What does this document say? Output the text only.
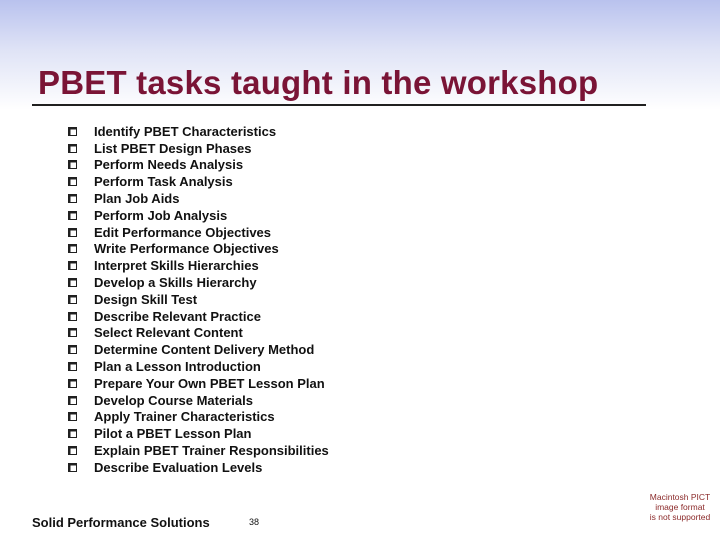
PBET tasks taught in the workshop
Identify PBET Characteristics
List PBET Design Phases
Perform Needs Analysis
Perform Task Analysis
Plan Job Aids
Perform Job Analysis
Edit Performance Objectives
Write Performance Objectives
Interpret Skills Hierarchies
Develop a Skills Hierarchy
Design Skill Test
Describe Relevant Practice
Select Relevant Content
Determine Content Delivery Method
Plan a Lesson Introduction
Prepare Your Own PBET Lesson Plan
Develop Course Materials
Apply Trainer Characteristics
Pilot a PBET Lesson Plan
Explain PBET Trainer Responsibilities
Describe Evaluation Levels
Solid Performance Solutions	38
Macintosh PICT
image format
is not supported
